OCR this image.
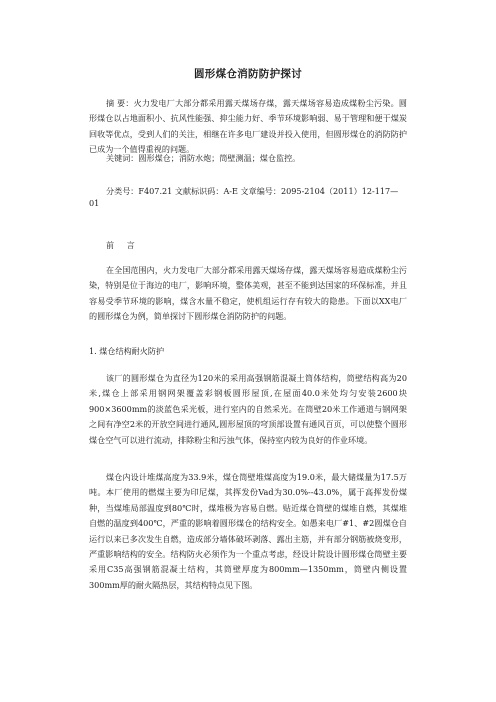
圆形煤仓消防防护探讨

摘 要：火力发电厂大部分都采用露天煤场存煤，露天煤场容易造成煤粉尘污染。圆形煤仓以占地面积小、抗风性能强、抑尘能力好、季节环境影响弱、易于管理和便于煤炭回收等优点，受到人们的关注，相继在许多电厂建设并投入使用，但圆形煤仓的消防防护已成为一个值得重视的问题。

关键词：圆形煤仓；消防水炮；筒壁测温；煤仓监控。

分类号：F407.21 文献标识码：A-E 文章编号：2095-2104（2011）12-117—01

前 言

在全国范围内，火力发电厂大部分都采用露天煤场存煤，露天煤场容易造成煤粉尘污染，特别是位于海边的电厂，影响环境，整体美观，甚至不能到达国家的环保标准，并且容易受季节环境的影响，煤含水量不稳定，使机组运行存有较大的隐患。下面以XX电厂的圆形煤仓为例，简单探讨下圆形煤仓消防防护的问题。

1. 煤仓结构耐火防护

该厂的圆形煤仓为直径为120米的采用高强钢筋混凝土筒体结构，筒壁结构高为20米,煤仓上部采用钢网架覆盖彩钢板圆形屋顶,在屋面40.0米处均匀安装2600块900×3600mm的淡蓝色采光板，进行室内的自然采光。在筒壁20米工作通道与钢网架之间有净空2米的开放空间进行通风,圆形屋顶的穹顶部设置有通风百页，可以使整个圆形煤仓空气可以进行流动，排除粉尘和污浊气体，保持室内较为良好的作业环境。

煤仓内设计堆煤高度为33.9米，煤仓筒壁堆煤高度为19.0米，最大储煤量为17.5万吨。本厂使用的燃煤主要为印尼煤，其挥发份Vad为30.0%--43.0%，属于高挥发份煤种，当煤堆局部温度到80℃时，煤堆极为容易自燃。贴近煤仓筒壁的煤堆自燃，其煤堆自燃的温度到400℃，严重的影响着圆形煤仓的结构安全。如愚来电厂#1、#2圆煤仓自运行以来已多次发生自燃，造成部分墙体破坏剥落、露出主筋，并有部分钢筋被烧变形，严重影响结构的安全。结构防火必须作为一个重点考虑，经设计院设计圆形煤仓筒壁主要采用C35高强钢筋混凝土结构，其筒壁厚度为800mm—1350mm，筒壁内侧设置300mm厚的耐火隔热层，其结构特点见下图。
